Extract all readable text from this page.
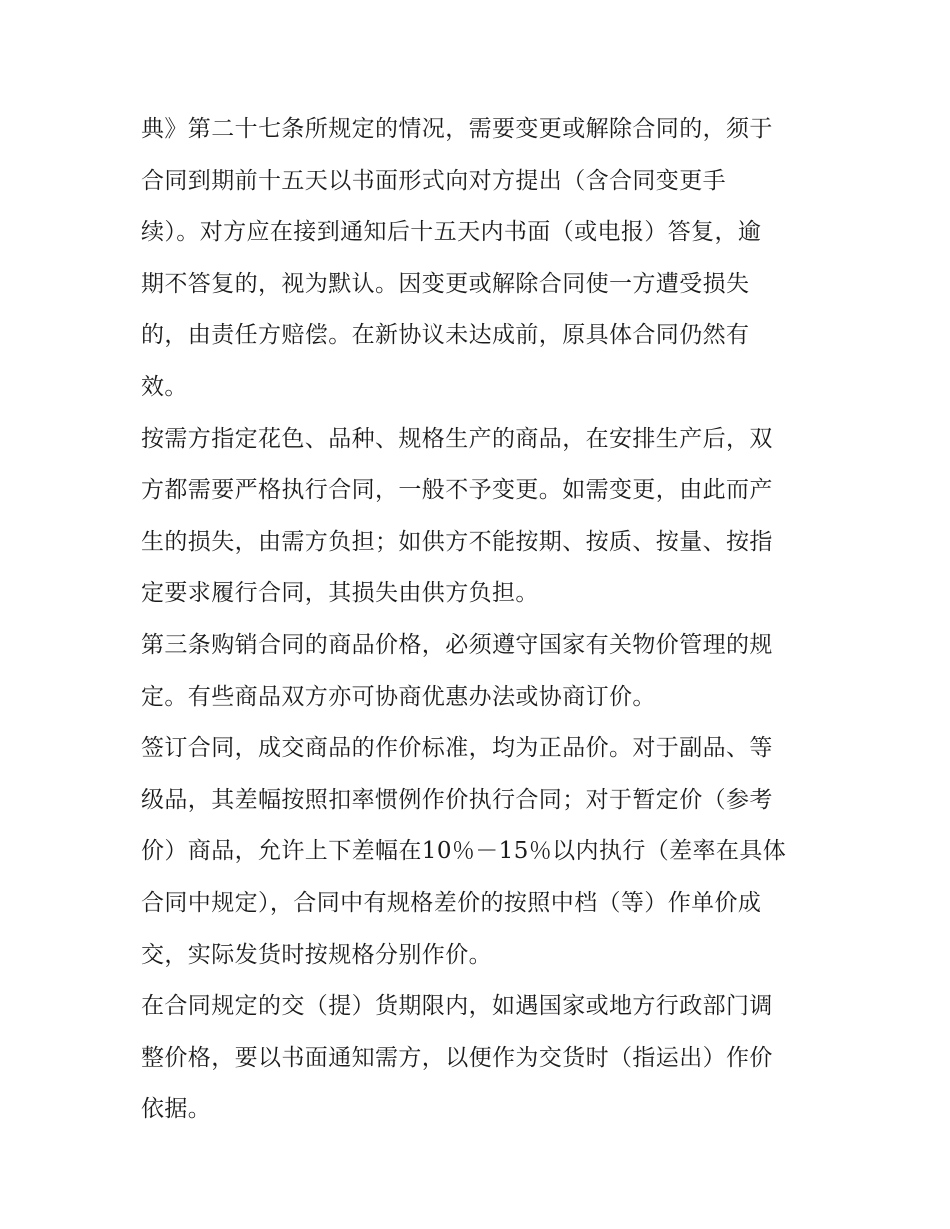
典》第二十七条所规定的情况，需要变更或解除合同的，须于
合同到期前十五天以书面形式向对方提出（含合同变更手
续）。对方应在接到通知后十五天内书面（或电报）答复，逾
期不答复的，视为默认。因变更或解除合同使一方遭受损失
的，由责任方赔偿。在新协议未达成前，原具体合同仍然有
效。
按需方指定花色、品种、规格生产的商品，在安排生产后，双
方都需要严格执行合同，一般不予变更。如需变更，由此而产
生的损失，由需方负担；如供方不能按期、按质、按量、按指
定要求履行合同，其损失由供方负担。
第三条购销合同的商品价格，必须遵守国家有关物价管理的规
定。有些商品双方亦可协商优惠办法或协商订价。
签订合同，成交商品的作价标准，均为正品价。对于副品、等
级品，其差幅按照扣率惯例作价执行合同；对于暂定价（参考
价）商品，允许上下差幅在10％－15％以内执行（差率在具体
合同中规定），合同中有规格差价的按照中档（等）作单价成
交，实际发货时按规格分别作价。
在合同规定的交（提）货期限内，如遇国家或地方行政部门调
整价格，要以书面通知需方，以便作为交货时（指运出）作价
依据。
